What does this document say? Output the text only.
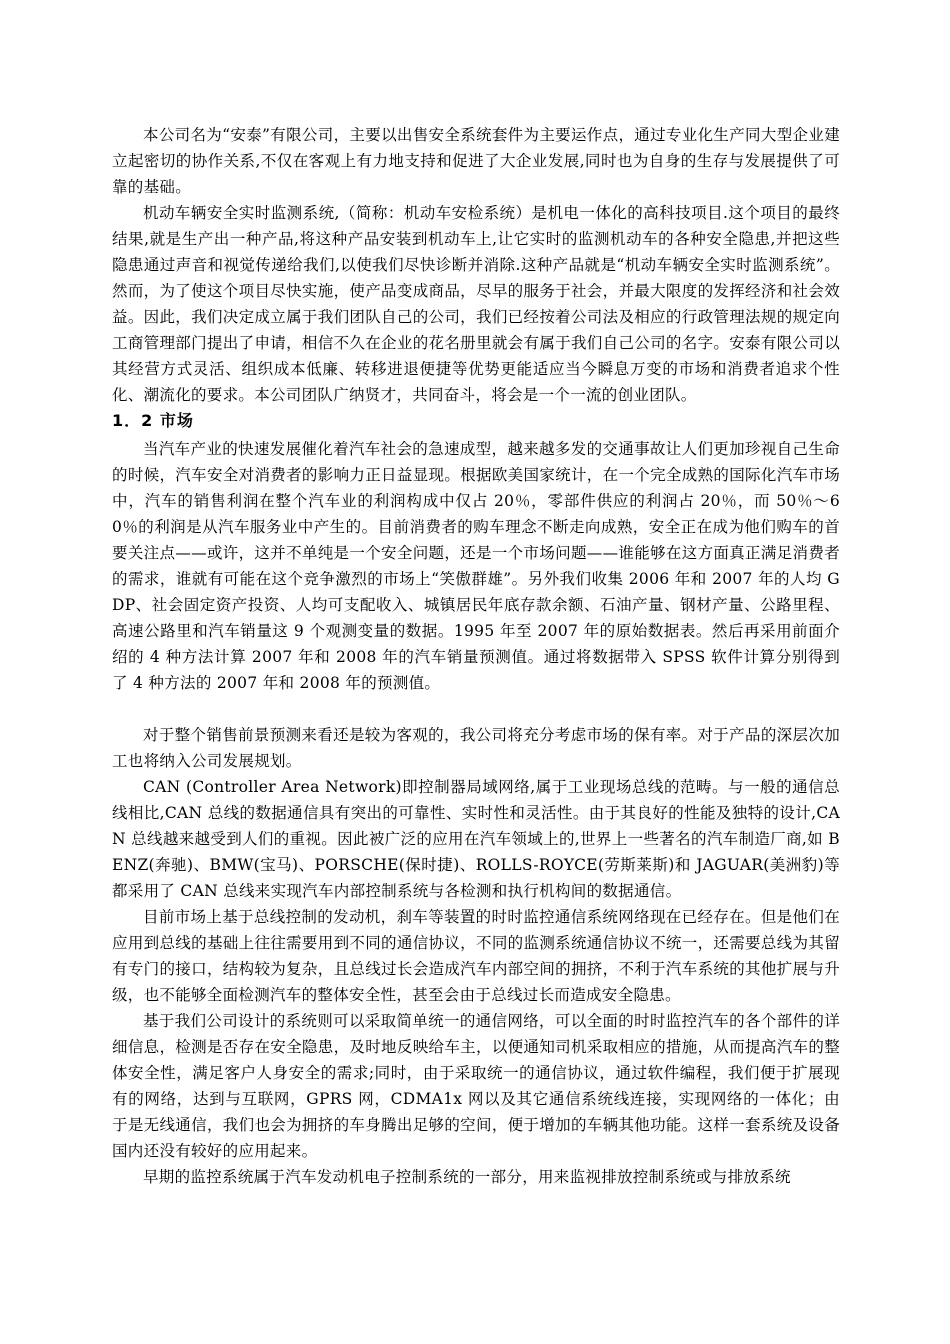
本公司名为“安泰”有限公司，主要以出售安全系统套件为主要运作点，通过专业化生产同大型企业建立起密切的协作关系,不仅在客观上有力地支持和促进了大企业发展,同时也为自身的生存与发展提供了可靠的基础。

机动车辆安全实时监测系统,（简称：机动车安检系统）是机电一体化的高科技项目.这个项目的最终结果,就是生产出一种产品,将这种产品安装到机动车上,让它实时的监测机动车的各种安全隐患,并把这些隐患通过声音和视觉传递给我们,以使我们尽快诊断并消除.这种产品就是“机动车辆安全实时监测系统”。然而，为了使这个项目尽快实施，使产品变成商品，尽早的服务于社会，并最大限度的发挥经济和社会效益。因此，我们决定成立属于我们团队自己的公司，我们已经按着公司法及相应的行政管理法规的规定向工商管理部门提出了申请，相信不久在企业的花名册里就会有属于我们自己公司的名字。安泰有限公司以其经营方式灵活、组织成本低廉、转移进退便捷等优势更能适应当今瞬息万变的市场和消费者追求个性化、潮流化的要求。本公司团队广纳贤才，共同奋斗，将会是一个一流的创业团队。

1．2 市场

当汽车产业的快速发展催化着汽车社会的急速成型，越来越多发的交通事故让人们更加珍视自己生命的时候，汽车安全对消费者的影响力正日益显现。根据欧美国家统计，在一个完全成熟的国际化汽车市场中，汽车的销售利润在整个汽车业的利润构成中仅占 20％，零部件供应的利润占 20％，而 50％～60％的利润是从汽车服务业中产生的。目前消费者的购车理念不断走向成熟，安全正在成为他们购车的首要关注点——或许，这并不单纯是一个安全问题，还是一个市场问题——谁能够在这方面真正满足消费者的需求，谁就有可能在这个竞争激烈的市场上“笑傲群雄”。另外我们收集 2006 年和 2007 年的人均 GDP、社会固定资产投资、人均可支配收入、城镇居民年底存款余额、石油产量、钢材产量、公路里程、高速公路里和汽车销量这 9 个观测变量的数据。1995 年至 2007 年的原始数据表。然后再采用前面介绍的 4 种方法计算 2007 年和 2008 年的汽车销量预测值。通过将数据带入 SPSS 软件计算分别得到了 4 种方法的 2007 年和 2008 年的预测值。

对于整个销售前景预测来看还是较为客观的，我公司将充分考虑市场的保有率。对于产品的深层次加工也将纳入公司发展规划。

CAN (Controller Area Network)即控制器局域网络,属于工业现场总线的范畴。与一般的通信总线相比,CAN 总线的数据通信具有突出的可靠性、实时性和灵活性。由于其良好的性能及独特的设计,CAN 总线越来越受到人们的重视。因此被广泛的应用在汽车领域上的,世界上一些著名的汽车制造厂商,如 BENZ(奔驰)、BMW(宝马)、PORSCHE(保时捷)、ROLLS-ROYCE(劳斯莱斯)和 JAGUAR(美洲豹)等都采用了 CAN 总线来实现汽车内部控制系统与各检测和执行机构间的数据通信。

目前市场上基于总线控制的发动机，刹车等装置的时时监控通信系统网络现在已经存在。但是他们在应用到总线的基础上往往需要用到不同的通信协议，不同的监测系统通信协议不统一，还需要总线为其留有专门的接口，结构较为复杂，且总线过长会造成汽车内部空间的拥挤，不利于汽车系统的其他扩展与升级，也不能够全面检测汽车的整体安全性，甚至会由于总线过长而造成安全隐患。

基于我们公司设计的系统则可以采取简单统一的通信网络，可以全面的时时监控汽车的各个部件的详细信息，检测是否存在安全隐患，及时地反映给车主，以便通知司机采取相应的措施，从而提高汽车的整体安全性，满足客户人身安全的需求;同时，由于采取统一的通信协议，通过软件编程，我们便于扩展现有的网络，达到与互联网，GPRS 网，CDMA1x 网以及其它通信系统线连接，实现网络的一体化；由于是无线通信，我们也会为拥挤的车身腾出足够的空间，便于增加的车辆其他功能。这样一套系统及设备国内还没有较好的应用起来。

早期的监控系统属于汽车发动机电子控制系统的一部分，用来监视排放控制系统或与排放系统
